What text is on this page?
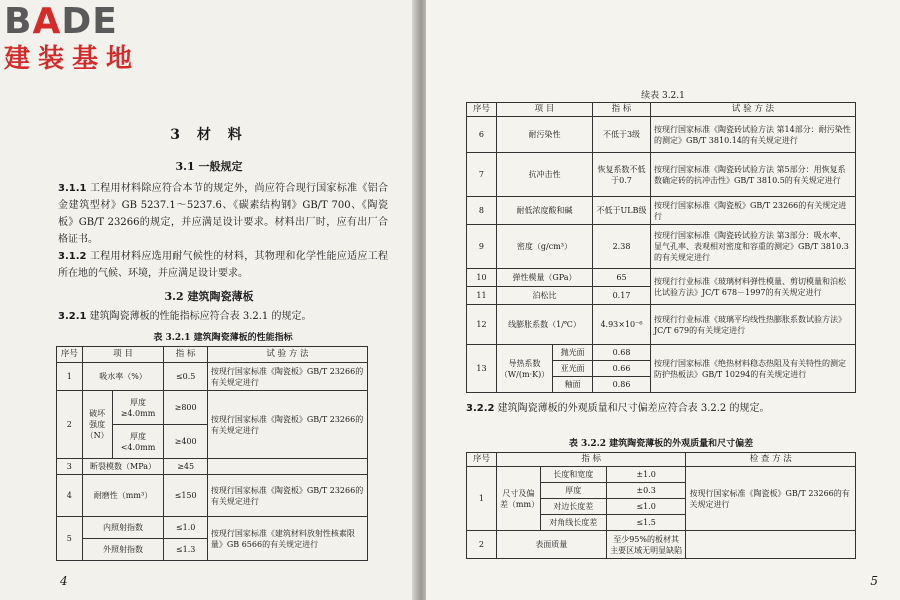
BADE
建装基地
3 材 料
3.1 一般规定
3.1.1 工程用材料除应符合本节的规定外，尚应符合现行国家标准《铝合金建筑型材》GB 5237.1～5237.6、《碳素结构钢》GB/T 700、《陶瓷板》GB/T 23266的规定，并应满足设计要求。材料出厂时，应有出厂合格证书。
3.1.2 工程用材料应选用耐气候性的材料，其物理和化学性能应适应工程所在地的气候、环境，并应满足设计要求。
3.2 建筑陶瓷薄板
3.2.1 建筑陶瓷薄板的性能指标应符合表 3.2.1 的规定。
表 3.2.1 建筑陶瓷薄板的性能指标
序号	项 目		指 标	试 验 方 法
1	吸水率（%）		≤0.5	按现行国家标准《陶瓷板》GB/T 23266的有关规定进行
2	破坏强度（N）	厚度≥4.0mm	≥800	按现行国家标准《陶瓷板》GB/T 23266的有关规定进行
		厚度<4.0mm	≥400	
3	断裂模数（MPa）		≥45	
4	耐磨性（mm³）		≤150	按现行国家标准《陶瓷板》GB/T 23266的有关规定进行
5	内照射指数		≤1.0	按现行国家标准《建筑材料放射性核素限量》GB 6566的有关规定进行
	外照射指数		≤1.3	
4
续表 3.2.1
序号	项 目		指 标	试 验 方 法
6	耐污染性		不低于3级	按现行国家标准《陶瓷砖试验方法 第14部分：耐污染性的测定》GB/T 3810.14的有关规定进行
7	抗冲击性		恢复系数不低于0.7	按现行国家标准《陶瓷砖试验方法 第5部分：用恢复系数确定砖的抗冲击性》GB/T 3810.5的有关规定进行
8	耐低浓度酸和碱		不低于ULB级	按现行国家标准《陶瓷板》GB/T 23266的有关规定进行
9	密度（g/cm³）		2.38	按现行国家标准《陶瓷砖试验方法 第3部分：吸水率、显气孔率、表观相对密度和容重的测定》GB/T 3810.3的有关规定进行
10	弹性模量（GPa）		65	按现行行业标准《玻璃材料弹性模量、剪切模量和泊松比试验方法》JC/T 678－1997的有关规定进行
11	泊松比		0.17	
12	线膨胀系数（1/℃）		4.93×10⁻⁶	按现行行业标准《玻璃平均线性热膨胀系数试验方法》JC/T 679的有关规定进行
13	导热系数（W/(m·K)）	抛光面	0.68	按现行国家标准《绝热材料稳态热阻及有关特性的测定 防护热板法》GB/T 10294的有关规定进行
		亚光面	0.66	
		釉面	0.86	
3.2.2 建筑陶瓷薄板的外观质量和尺寸偏差应符合表 3.2.2 的规定。
表 3.2.2 建筑陶瓷薄板的外观质量和尺寸偏差
序号	指 标			检 查 方 法
1	尺寸及偏差（mm）	长度和宽度	±1.0	按现行国家标准《陶瓷板》GB/T 23266的有关规定进行
		厚度	±0.3	
		对边长度差	≤1.0	
		对角线长度差	≤1.5	
2	表面质量		至少95%的板材其主要区域无明显缺陷	
5
